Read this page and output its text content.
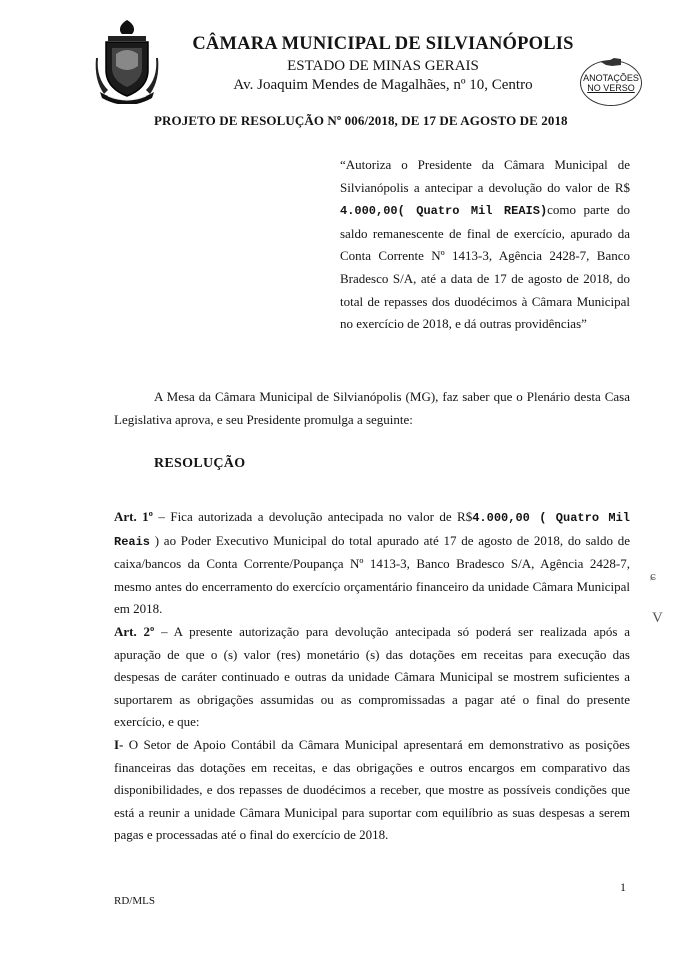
CÂMARA MUNICIPAL DE SILVIANÓPOLIS
ESTADO DE MINAS GERAIS
Av. Joaquim Mendes de Magalhães, nº 10, Centro	ANOTAÇÕES
NO VERSO
PROJETO DE RESOLUÇÃO Nº 006/2018, DE 17 DE AGOSTO DE 2018
“Autoriza o Presidente da Câmara Municipal de Silvianópolis a antecipar a devolução do valor de R$ 4.000,00( Quatro Mil REAIS)como parte do saldo remanescente de final de exercício, apurado da Conta Corrente Nº 1413-3, Agência 2428-7, Banco Bradesco S/A, até a data de 17 de agosto de 2018, do total de repasses dos duodécimos à Câmara Municipal no exercício de 2018, e dá outras providências”
A Mesa da Câmara Municipal de Silvianópolis (MG), faz saber que o Plenário desta Casa Legislativa aprova, e seu Presidente promulga a seguinte:
RESOLUÇÃO

Art. 1º – Fica autorizada a devolução antecipada no valor de R$4.000,00 ( Quatro Mil Reais ) ao Poder Executivo Municipal do total apurado até 17 de agosto de 2018, do saldo de caixa/bancos da Conta Corrente/Poupança Nº 1413-3, Banco Bradesco S/A, Agência 2428-7, mesmo antes do encerramento do exercício orçamentário financeiro da unidade Câmara Municipal em 2018.

Art. 2º – A presente autorização para devolução antecipada só poderá ser realizada após a apuração de que o (s) valor (res) monetário (s) das dotações em receitas para execução das despesas de caráter continuado e outras da unidade Câmara Municipal se mostrem suficientes a suportarem as obrigações assumidas ou as compromissadas a pagar até o final do presente exercício, e que:

I- O Setor de Apoio Contábil da Câmara Municipal apresentará em demonstrativo as posições financeiras das dotações em receitas, e das obrigações e outros encargos em comparativo das disponibilidades, e dos repasses de duodécimos a receber, que mostre as possíveis condições que está a reunir a unidade Câmara Municipal para suportar com equilíbrio as suas despesas a serem pagas e processadas até o final do exercício de 2018.

ɕ
V
1
RD/MLS
